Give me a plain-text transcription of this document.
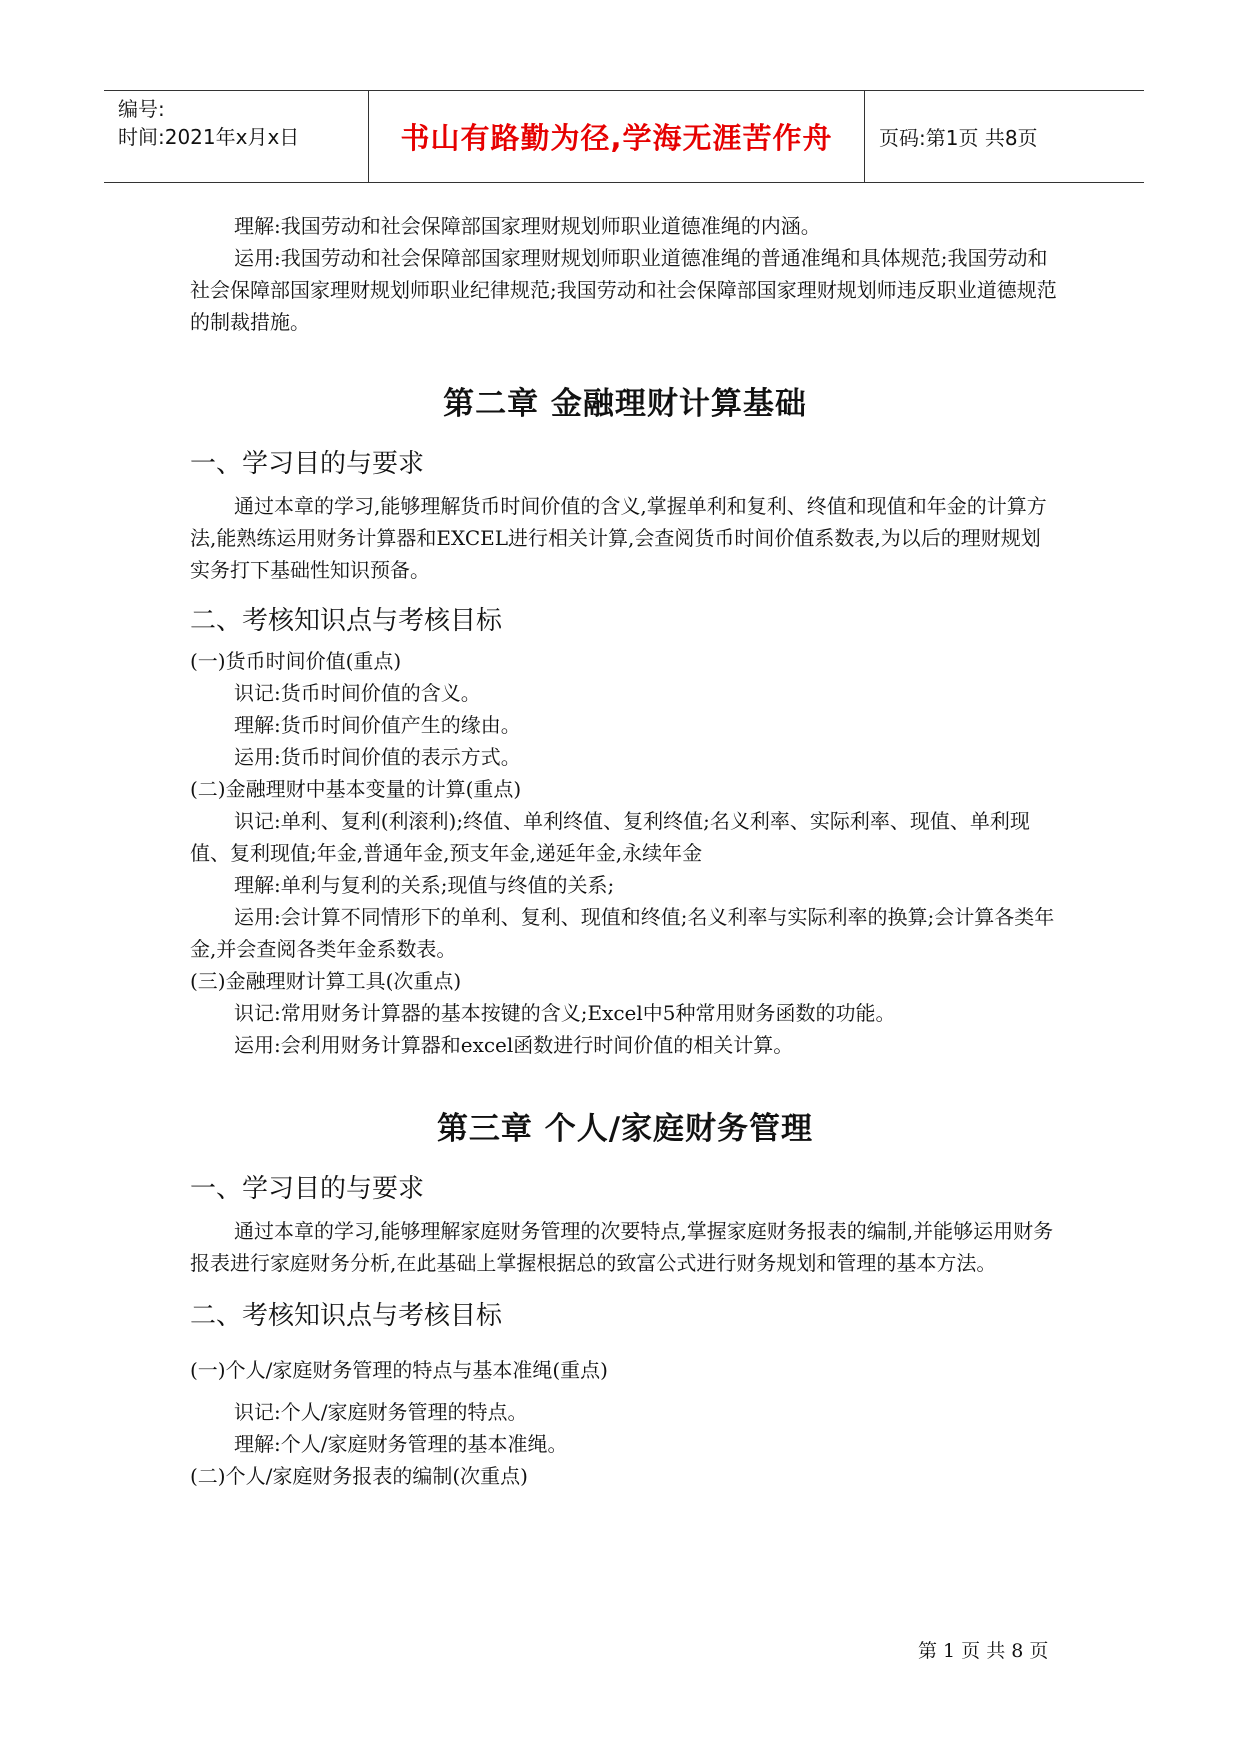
编号:
时间:2021年x月x日	书山有路勤为径,学海无涯苦作舟	页码:第1页 共8页

理解:我国劳动和社会保障部国家理财规划师职业道德准绳的内涵。

运用:我国劳动和社会保障部国家理财规划师职业道德准绳的普通准绳和具体规范;我国劳动和社会保障部国家理财规划师职业纪律规范;我国劳动和社会保障部国家理财规划师违反职业道德规范的制裁措施。

第二章 金融理财计算基础
一、学习目的与要求

通过本章的学习,能够理解货币时间价值的含义,掌握单利和复利、终值和现值和年金的计算方法,能熟练运用财务计算器和EXCEL进行相关计算,会查阅货币时间价值系数表,为以后的理财规划实务打下基础性知识预备。

二、考核知识点与考核目标

(一)货币时间价值(重点)

识记:货币时间价值的含义。

理解:货币时间价值产生的缘由。

运用:货币时间价值的表示方式。

(二)金融理财中基本变量的计算(重点)

识记:单利、复利(利滚利);终值、单利终值、复利终值;名义利率、实际利率、现值、单利现值、复利现值;年金,普通年金,预支年金,递延年金,永续年金

理解:单利与复利的关系;现值与终值的关系;

运用:会计算不同情形下的单利、复利、现值和终值;名义利率与实际利率的换算;会计算各类年金,并会查阅各类年金系数表。

(三)金融理财计算工具(次重点)

识记:常用财务计算器的基本按键的含义;Excel中5种常用财务函数的功能。

运用:会利用财务计算器和excel函数进行时间价值的相关计算。

第三章 个人/家庭财务管理
一、学习目的与要求

通过本章的学习,能够理解家庭财务管理的次要特点,掌握家庭财务报表的编制,并能够运用财务报表进行家庭财务分析,在此基础上掌握根据总的致富公式进行财务规划和管理的基本方法。

二、考核知识点与考核目标

(一)个人/家庭财务管理的特点与基本准绳(重点)

识记:个人/家庭财务管理的特点。

理解:个人/家庭财务管理的基本准绳。

(二)个人/家庭财务报表的编制(次重点)

第 1 页 共 8 页
